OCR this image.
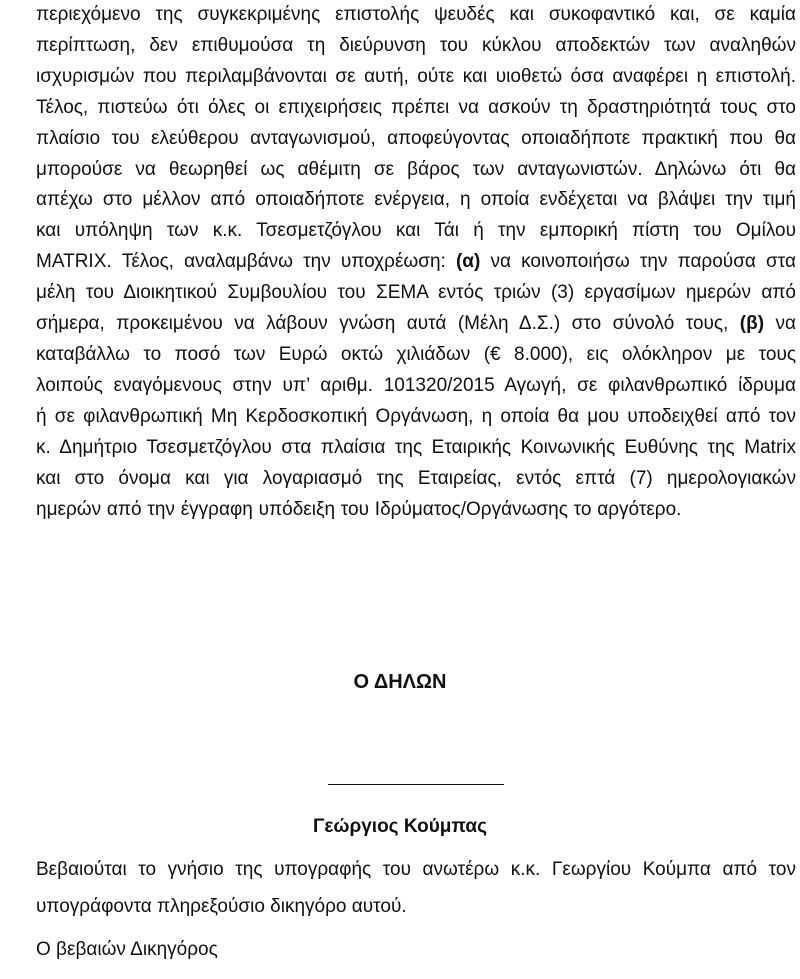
περιεχόμενο της συγκεκριμένης επιστολής ψευδές και συκοφαντικό και, σε καμία
περίπτωση, δεν επιθυμούσα τη διεύρυνση του κύκλου αποδεκτών των αναληθών
ισχυρισμών που περιλαμβάνονται σε αυτή, ούτε και υιοθετώ όσα αναφέρει η επιστολή.
Τέλος, πιστεύω ότι όλες οι επιχειρήσεις πρέπει να ασκούν τη δραστηριότητά τους στο
πλαίσιο του ελεύθερου ανταγωνισμού, αποφεύγοντας οποιαδήποτε πρακτική που θα
μπορούσε να θεωρηθεί ως αθέμιτη σε βάρος των ανταγωνιστών. Δηλώνω ότι θα
απέχω στο μέλλον από οποιαδήποτε ενέργεια, η οποία ενδέχεται να βλάψει την τιμή
και υπόληψη των κ.κ. Τσεσμετζόγλου και Τάι ή την εμπορική πίστη του Ομίλου
MATRIX. Τέλος, αναλαμβάνω την υποχρέωση: (α) να κοινοποιήσω την παρούσα στα
μέλη του Διοικητικού Συμβουλίου του ΣΕΜΑ εντός τριών (3) εργασίμων ημερών από
σήμερα, προκειμένου να λάβουν γνώση αυτά (Μέλη Δ.Σ.) στο σύνολό τους, (β) να
καταβάλλω το ποσό των Ευρώ οκτώ χιλιάδων (€ 8.000), εις ολόκληρον με τους
λοιπούς εναγόμενους στην υπ’ αριθμ. 101320/2015 Αγωγή, σε φιλανθρωπικό ίδρυμα
ή σε φιλανθρωπική Μη Κερδοσκοπική Οργάνωση, η οποία θα μου υποδειχθεί από τον
κ. Δημήτριο Τσεσμετζόγλου στα πλαίσια της Εταιρικής Κοινωνικής Ευθύνης της Matrix
και στο όνομα και για λογαριασμό της Εταιρείας, εντός επτά (7) ημερολογιακών
ημερών από την έγγραφη υπόδειξη του Ιδρύματος/Οργάνωσης το αργότερο.
Ο ΔΗΛΩΝ
Γεώργιος Κούμπας
Βεβαιούται το γνήσιο της υπογραφής του ανωτέρω κ.κ. Γεωργίου Κούμπα από τον
υπογράφοντα πληρεξούσιο δικηγόρο αυτού.
Ο βεβαιών Δικηγόρος
